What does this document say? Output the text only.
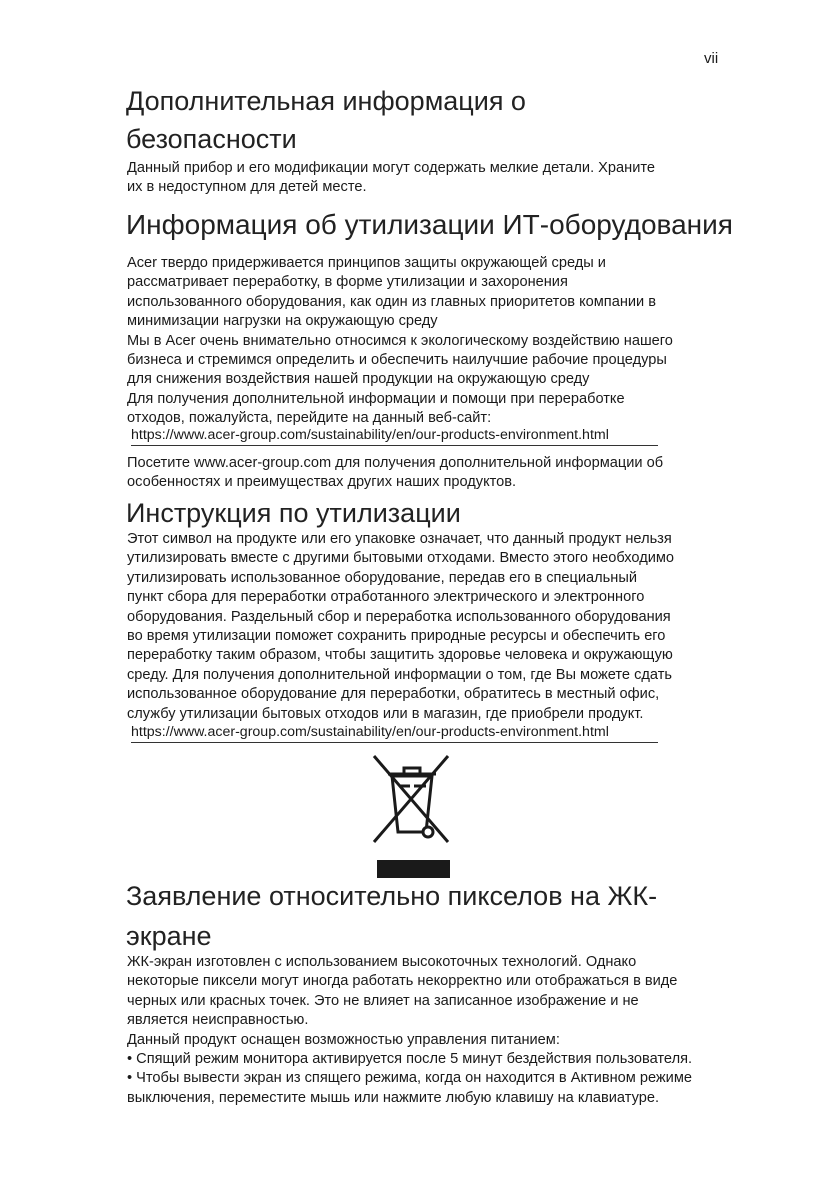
vii
Дополнительная информация о
безопасности
Данный прибор и его модификации могут содержать мелкие детали. Храните
их в недоступном для детей месте.
Информация об утилизации ИТ-оборудования
Acer твердо придерживается принципов защиты окружающей среды и
рассматривает переработку, в форме утилизации и захоронения
использованного оборудования, как один из главных приоритетов компании в
минимизации нагрузки на окружающую среду
Мы в Acer очень внимательно относимся к экологическому воздействию нашего
бизнеса и стремимся определить и обеспечить наилучшие рабочие процедуры
для снижения воздействия нашей продукции на окружающую среду
Для получения дополнительной информации и помощи при переработке
отходов, пожалуйста, перейдите на данный веб-сайт:
https://www.acer-group.com/sustainability/en/our-products-environment.html
Посетите www.acer-group.com для получения дополнительной информации об
особенностях и преимуществах других наших продуктов.
Инструкция по утилизации
Этот символ на продукте или его упаковке означает, что данный продукт нельзя
утилизировать вместе с другими бытовыми отходами. Вместо этого необходимо
утилизировать использованное оборудование, передав его в специальный
пункт сбора для переработки отработанного электрического и электронного
оборудования. Раздельный сбор и переработка использованного оборудования
во время утилизации поможет сохранить природные ресурсы и обеспечить его
переработку таким образом, чтобы защитить здоровье человека и окружающую
среду. Для получения дополнительной информации о том, где Вы можете сдать
использованное оборудование для переработки, обратитесь в местный офис,
службу утилизации бытовых отходов или в магазин, где приобрели продукт.
https://www.acer-group.com/sustainability/en/our-products-environment.html
Заявление относительно пикселов на ЖК-
экране
ЖК-экран изготовлен с использованием высокоточных технологий. Однако
некоторые пиксели могут иногда работать некорректно или отображаться в виде
черных или красных точек. Это не влияет на записанное изображение и не
является неисправностью.
Данный продукт оснащен возможностью управления питанием:
• Спящий режим монитора активируется после 5 минут бездействия пользователя.
• Чтобы вывести экран из спящего режима, когда он находится в Активном режиме
выключения, переместите мышь или нажмите любую клавишу на клавиатуре.
